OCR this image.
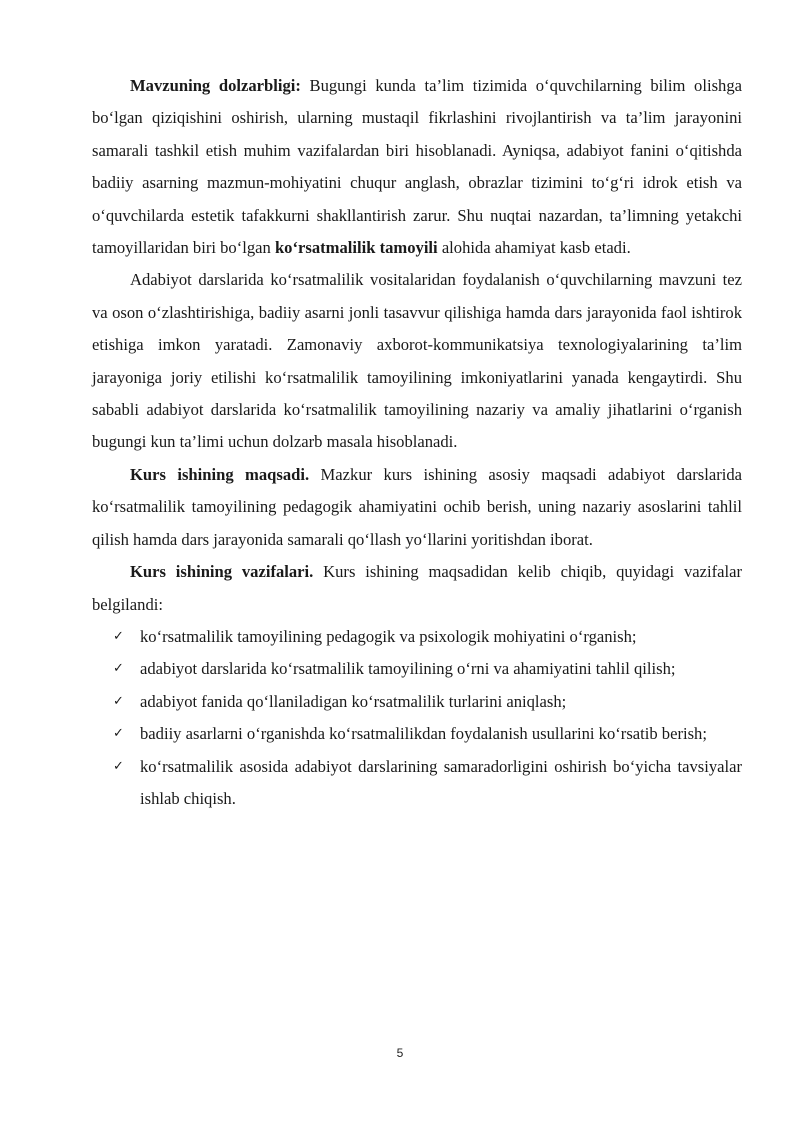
Mavzuning dolzarbligi: Bugungi kunda ta’lim tizimida o‘quvchilarning bilim olishga bo‘lgan qiziqishini oshirish, ularning mustaqil fikrlashini rivojlantirish va ta’lim jarayonini samarali tashkil etish muhim vazifalardan biri hisoblanadi. Ayniqsa, adabiyot fanini o‘qitishda badiiy asarning mazmun-mohiyatini chuqur anglash, obrazlar tizimini to‘g‘ri idrok etish va o‘quvchilarda estetik tafakkurni shakllantirish zarur. Shu nuqtai nazardan, ta’limning yetakchi tamoyillaridan biri bo‘lgan ko‘rsatmalilik tamoyili alohida ahamiyat kasb etadi.

Adabiyot darslarida ko‘rsatmalilik vositalaridan foydalanish o‘quvchilarning mavzuni tez va oson o‘zlashtirishiga, badiiy asarni jonli tasavvur qilishiga hamda dars jarayonida faol ishtirok etishiga imkon yaratadi. Zamonaviy axborot-kommunikatsiya texnologiyalarining ta’lim jarayoniga joriy etilishi ko‘rsatmalilik tamoyilining imkoniyatlarini yanada kengaytirdi. Shu sababli adabiyot darslarida ko‘rsatmalilik tamoyilining nazariy va amaliy jihatlarini o‘rganish bugungi kun ta’limi uchun dolzarb masala hisoblanadi.

Kurs ishining maqsadi. Mazkur kurs ishining asosiy maqsadi adabiyot darslarida ko‘rsatmalilik tamoyilining pedagogik ahamiyatini ochib berish, uning nazariy asoslarini tahlil qilish hamda dars jarayonida samarali qo‘llash yo‘llarini yoritishdan iborat.

Kurs ishining vazifalari. Kurs ishining maqsadidan kelib chiqib, quyidagi vazifalar belgilandi:

✓ ko‘rsatmalilik tamoyilining pedagogik va psixologik mohiyatini o‘rganish;
✓ adabiyot darslarida ko‘rsatmalilik tamoyilining o‘rni va ahamiyatini tahlil qilish;
✓ adabiyot fanida qo‘llaniladigan ko‘rsatmalilik turlarini aniqlash;
✓ badiiy asarlarni o‘rganishda ko‘rsatmalilikdan foydalanish usullarini ko‘rsatib berish;
✓ ko‘rsatmalilik asosida adabiyot darslarining samaradorligini oshirish bo‘yicha tavsiyalar ishlab chiqish.
5
